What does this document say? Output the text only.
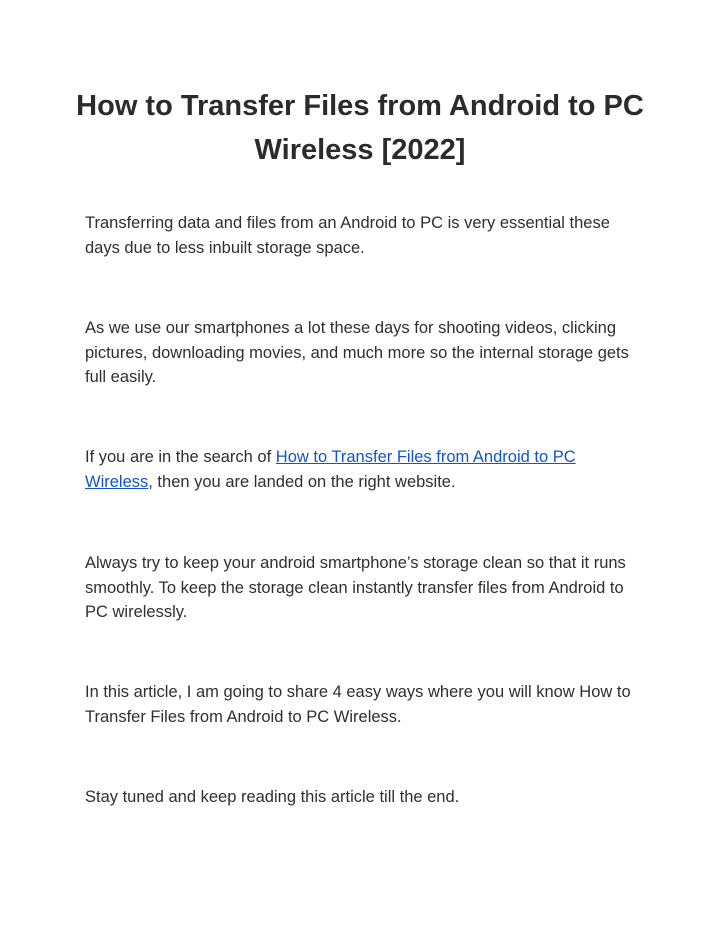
How to Transfer Files from Android to PC Wireless [2022]

Transferring data and files from an Android to PC is very essential these days due to less inbuilt storage space.

As we use our smartphones a lot these days for shooting videos, clicking pictures, downloading movies, and much more so the internal storage gets full easily.

If you are in the search of How to Transfer Files from Android to PC Wireless, then you are landed on the right website.

Always try to keep your android smartphone’s storage clean so that it runs smoothly. To keep the storage clean instantly transfer files from Android to PC wirelessly.

In this article, I am going to share 4 easy ways where you will know How to Transfer Files from Android to PC Wireless.

Stay tuned and keep reading this article till the end.
